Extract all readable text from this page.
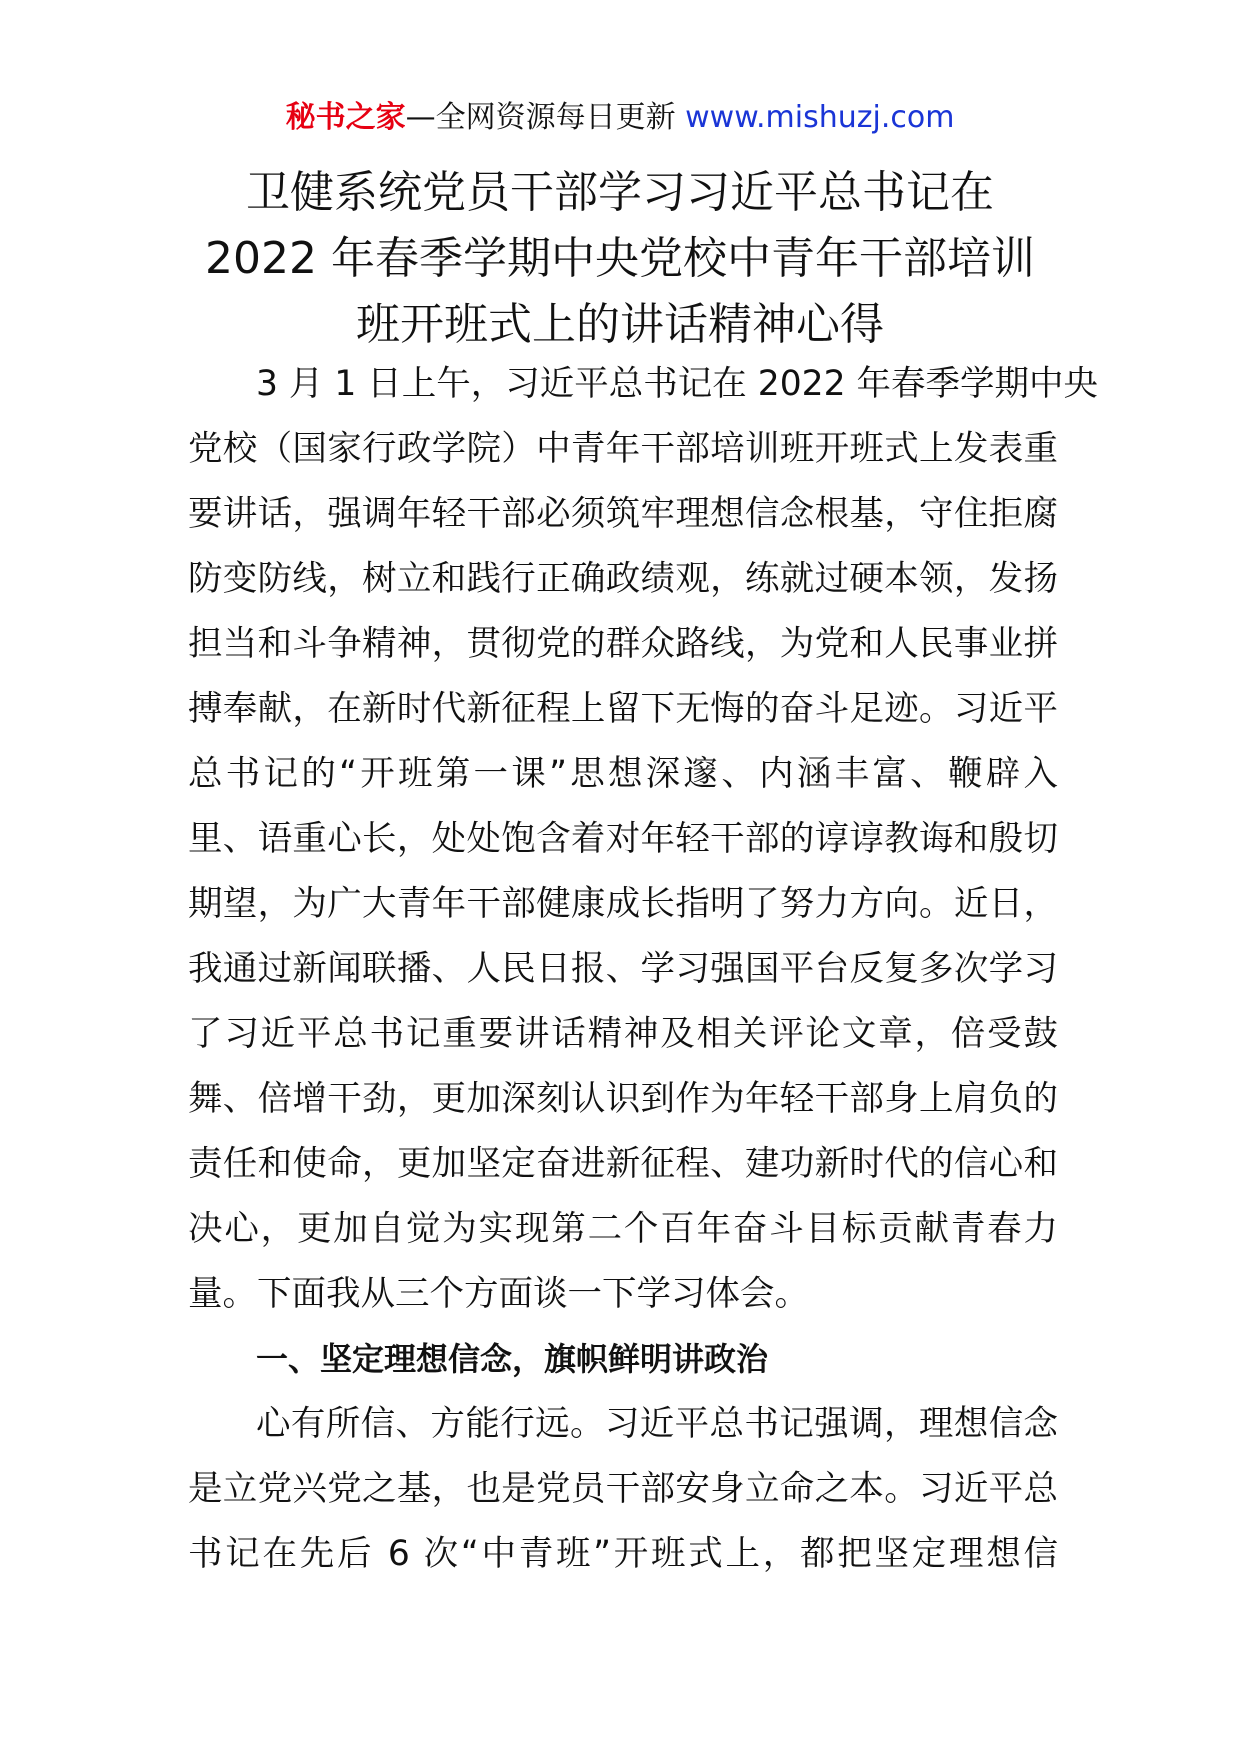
秘书之家—全网资源每日更新 www.mishuzj.com
卫健系统党员干部学习习近平总书记在
2022 年春季学期中央党校中青年干部培训
班开班式上的讲话精神心得
3 月 1 日上午，习近平总书记在 2022 年春季学期中央
党校（国家行政学院）中青年干部培训班开班式上发表重
要讲话，强调年轻干部必须筑牢理想信念根基，守住拒腐
防变防线，树立和践行正确政绩观，练就过硬本领，发扬
担当和斗争精神，贯彻党的群众路线，为党和人民事业拼
搏奉献，在新时代新征程上留下无悔的奋斗足迹。习近平
总书记的“开班第一课”思想深邃、内涵丰富、鞭辟入
里、语重心长，处处饱含着对年轻干部的谆谆教诲和殷切
期望，为广大青年干部健康成长指明了努力方向。近日，
我通过新闻联播、人民日报、学习强国平台反复多次学习
了习近平总书记重要讲话精神及相关评论文章，倍受鼓
舞、倍增干劲，更加深刻认识到作为年轻干部身上肩负的
责任和使命，更加坚定奋进新征程、建功新时代的信心和
决心，更加自觉为实现第二个百年奋斗目标贡献青春力
量。下面我从三个方面谈一下学习体会。
一、坚定理想信念，旗帜鲜明讲政治
心有所信、方能行远。习近平总书记强调，理想信念
是立党兴党之基，也是党员干部安身立命之本。习近平总
书记在先后 6 次“中青班”开班式上，都把坚定理想信
